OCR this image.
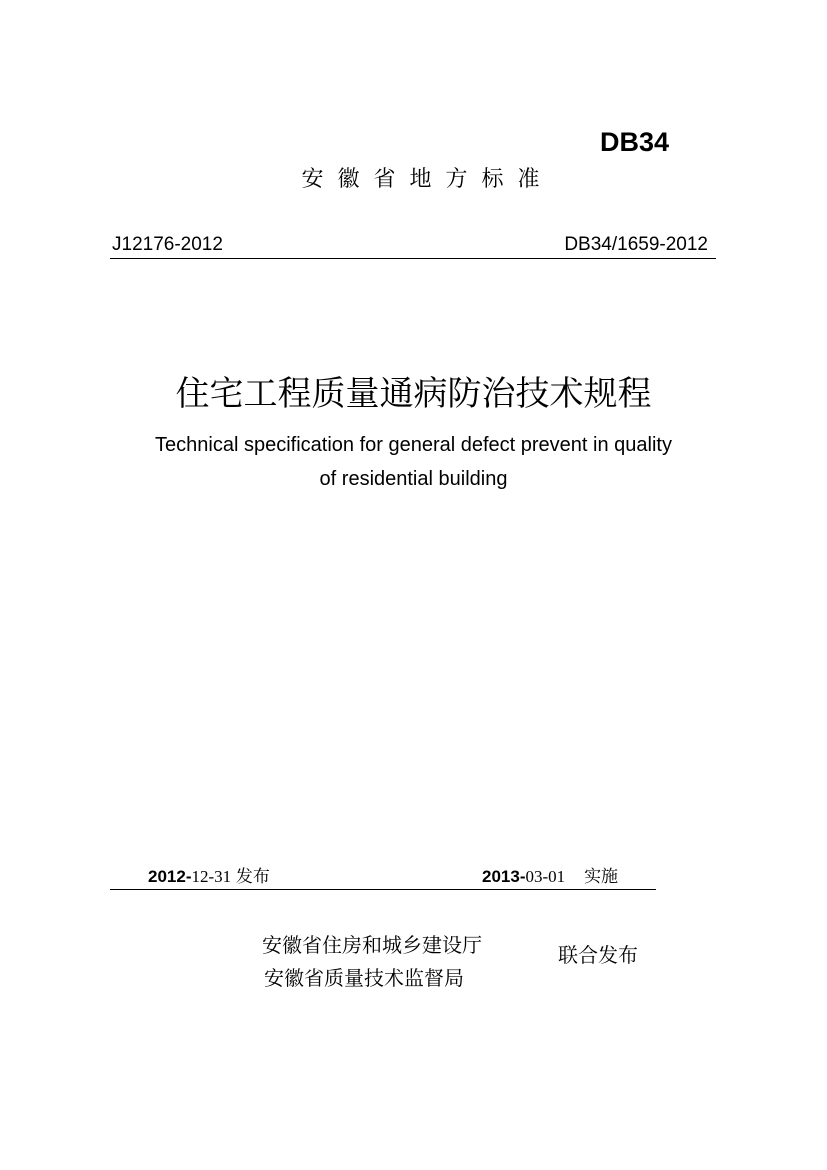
DB34
安徽省地方标准
J12176-2012	DB34/1659-2012
住宅工程质量通病防治技术规程
Technical specification for general defect prevent in quality
of residential building
2012-12-31 发布	2013-03-01 实施
安徽省住房和城乡建设厅
安徽省质量技术监督局
联合发布
